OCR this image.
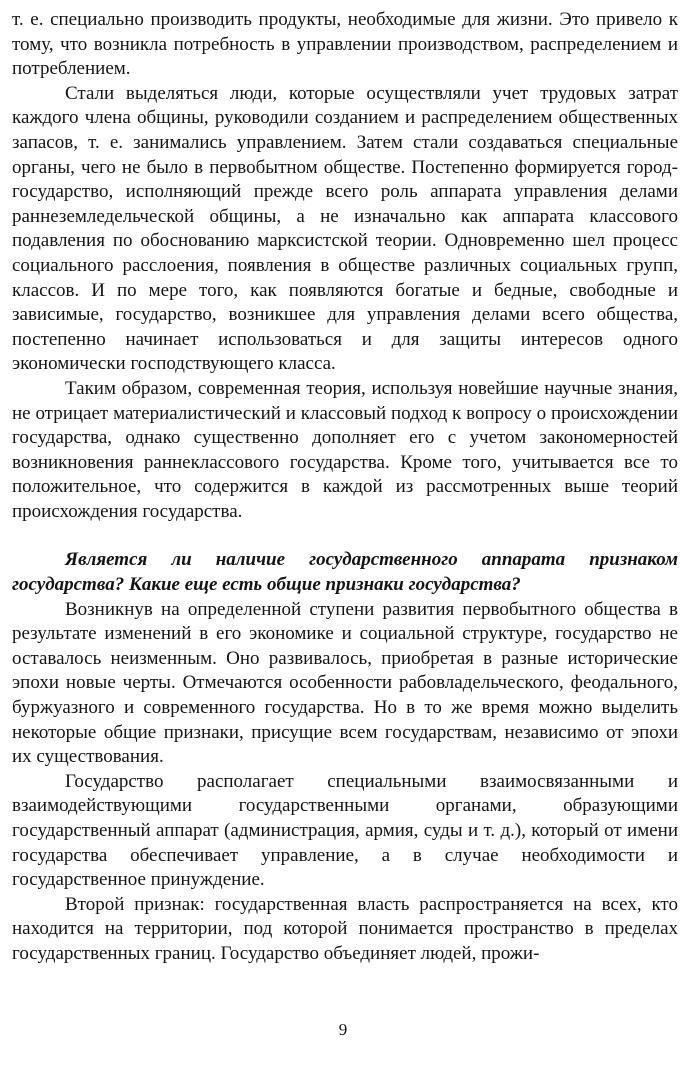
т. е. специально производить продукты, необходимые для жизни. Это привело к тому, что возникла потребность в управлении производством, распределением и потреблением.

Стали выделяться люди, которые осуществляли учет трудовых затрат каждого члена общины, руководили созданием и распределением общественных запасов, т. е. занимались управлением. Затем стали создаваться специальные органы, чего не было в первобытном обществе. Постепенно формируется город-государство, исполняющий прежде всего роль аппарата управления делами раннеземледельческой общины, а не изначально как аппарата классового подавления по обоснованию марксистской теории. Одновременно шел процесс социального расслоения, появления в обществе различных социальных групп, классов. И по мере того, как появляются богатые и бедные, свободные и зависимые, государство, возникшее для управления делами всего общества, постепенно начинает использоваться и для защиты интересов одного экономически господствующего класса.

Таким образом, современная теория, используя новейшие научные знания, не отрицает материалистический и классовый подход к вопросу о происхождении государства, однако существенно дополняет его с учетом закономерностей возникновения раннеклассового государства. Кроме того, учитывается все то положительное, что содержится в каждой из рассмотренных выше теорий происхождения государства.

Является ли наличие государственного аппарата признаком государства? Какие еще есть общие признаки государства?

Возникнув на определенной ступени развития первобытного общества в результате изменений в его экономике и социальной структуре, государство не оставалось неизменным. Оно развивалось, приобретая в разные исторические эпохи новые черты. Отмечаются особенности рабовладельческого, феодального, буржуазного и современного государства. Но в то же время можно выделить некоторые общие признаки, присущие всем государствам, независимо от эпохи их существования.

Государство располагает специальными взаимосвязанными и взаимодействующими государственными органами, образующими государственный аппарат (администрация, армия, суды и т. д.), который от имени государства обеспечивает управление, а в случае необходимости и государственное принуждение.

Второй признак: государственная власть распространяется на всех, кто находится на территории, под которой понимается пространство в пределах государственных границ. Государство объединяет людей, прожи-

9
